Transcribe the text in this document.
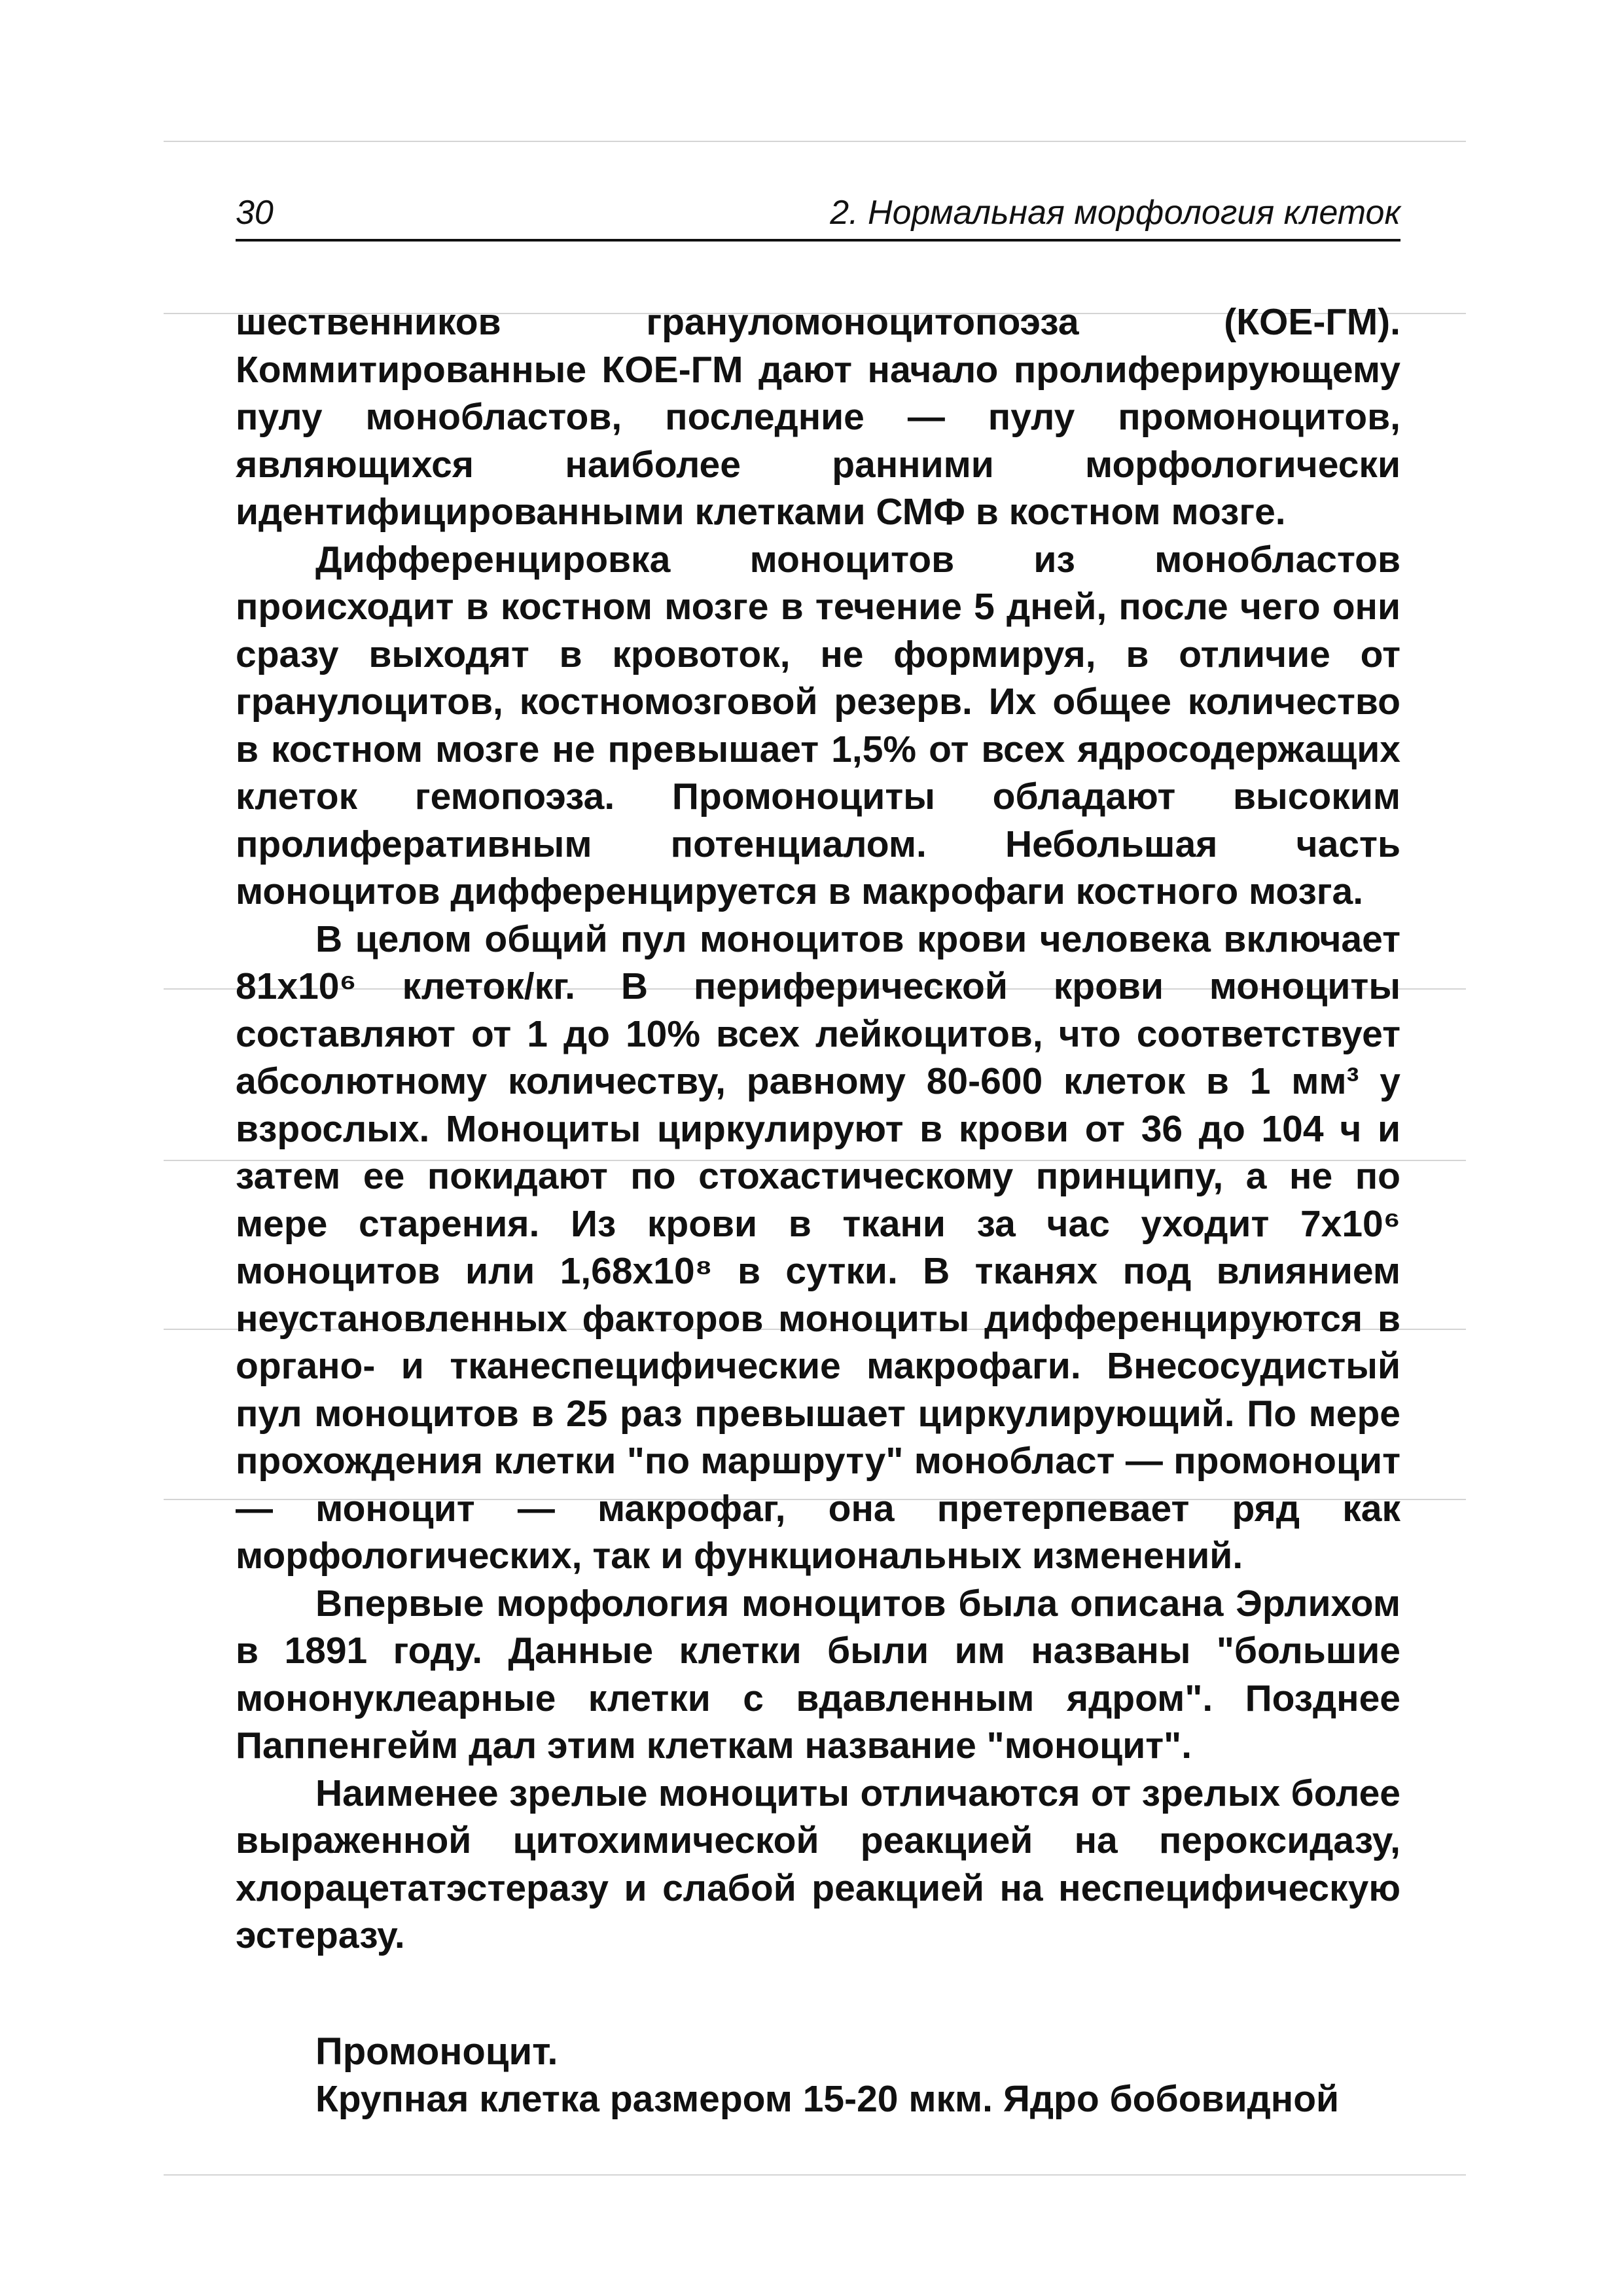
30	2. Нормальная морфология клеток

шественников грануломоноцитопоэза (КОЕ-ГМ). Коммитированные КОЕ-ГМ дают начало пролиферирующему пулу монобластов, последние — пулу промоноцитов, являющихся наиболее ранними морфологически идентифицированными клетками СМФ в костном мозге.

Дифференцировка моноцитов из монобластов происходит в костном мозге в течение 5 дней, после чего они сразу выходят в кровоток, не формируя, в отличие от гранулоцитов, костномозговой резерв. Их общее количество в костном мозге не превышает 1,5% от всех ядросодержащих клеток гемопоэза. Промоноциты обладают высоким пролиферативным потенциалом. Небольшая часть моноцитов дифференцируется в макрофаги костного мозга.

В целом общий пул моноцитов крови человека включает 81х10⁶ клеток/кг. В периферической крови моноциты составляют от 1 до 10% всех лейкоцитов, что соответствует абсолютному количеству, равному 80-600 клеток в 1 мм³ у взрослых. Моноциты циркулируют в крови от 36 до 104 ч и затем ее покидают по стохастическому принципу, а не по мере старения. Из крови в ткани за час уходит 7х10⁶ моноцитов или 1,68х10⁸ в сутки. В тканях под влиянием неустановленных факторов моноциты дифференцируются в органо- и тканеспецифические макрофаги. Внесосудистый пул моноцитов в 25 раз превышает циркулирующий. По мере прохождения клетки "по маршруту" монобласт — промоноцит — моноцит — макрофаг, она претерпевает ряд как морфологических, так и функциональных изменений.

Впервые морфология моноцитов была описана Эрлихом в 1891 году. Данные клетки были им названы "большие мононуклеарные клетки с вдавленным ядром". Позднее Паппенгейм дал этим клеткам название "моноцит".

Наименее зрелые моноциты отличаются от зрелых более выраженной цитохимической реакцией на пероксидазу, хлорацетатэстеразу и слабой реакцией на неспецифическую эстеразу.

Промоноцит.

Крупная клетка размером 15-20 мкм. Ядро бобовидной
